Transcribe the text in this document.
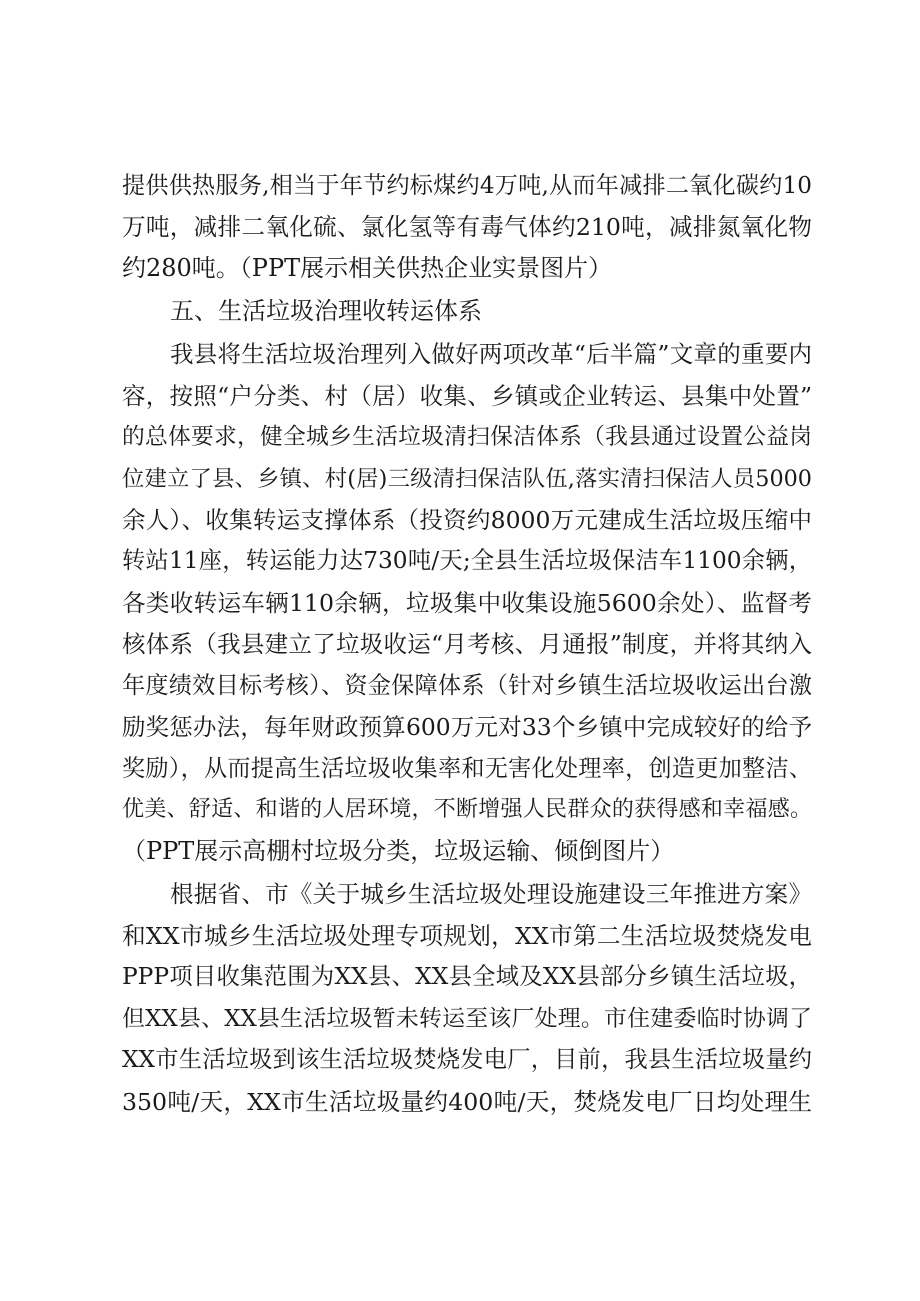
提供供热服务,相当于年节约标煤约4万吨,从而年减排二氧化碳约10
万吨，减排二氧化硫、氯化氢等有毒气体约210吨，减排氮氧化物
约280吨。（PPT展示相关供热企业实景图片）
五、生活垃圾治理收转运体系
我县将生活垃圾治理列入做好两项改革“后半篇”文章的重要内
容，按照“户分类、村（居）收集、乡镇或企业转运、县集中处置”
的总体要求，健全城乡生活垃圾清扫保洁体系（我县通过设置公益岗
位建立了县、乡镇、村(居)三级清扫保洁队伍,落实清扫保洁人员5000
余人）、收集转运支撑体系（投资约8000万元建成生活垃圾压缩中
转站11座，转运能力达730吨/天;全县生活垃圾保洁车1100余辆，
各类收转运车辆110余辆，垃圾集中收集设施5600余处）、监督考
核体系（我县建立了垃圾收运“月考核、月通报”制度，并将其纳入
年度绩效目标考核）、资金保障体系（针对乡镇生活垃圾收运出台激
励奖惩办法，每年财政预算600万元对33个乡镇中完成较好的给予
奖励），从而提高生活垃圾收集率和无害化处理率，创造更加整洁、
优美、舒适、和谐的人居环境，不断增强人民群众的获得感和幸福感。
（PPT展示高棚村垃圾分类，垃圾运输、倾倒图片）
根据省、市《关于城乡生活垃圾处理设施建设三年推进方案》
和XX市城乡生活垃圾处理专项规划，XX市第二生活垃圾焚烧发电
PPP项目收集范围为XX县、XX县全域及XX县部分乡镇生活垃圾，
但XX县、XX县生活垃圾暂未转运至该厂处理。市住建委临时协调了
XX市生活垃圾到该生活垃圾焚烧发电厂，目前，我县生活垃圾量约
350吨/天，XX市生活垃圾量约400吨/天，焚烧发电厂日均处理生
